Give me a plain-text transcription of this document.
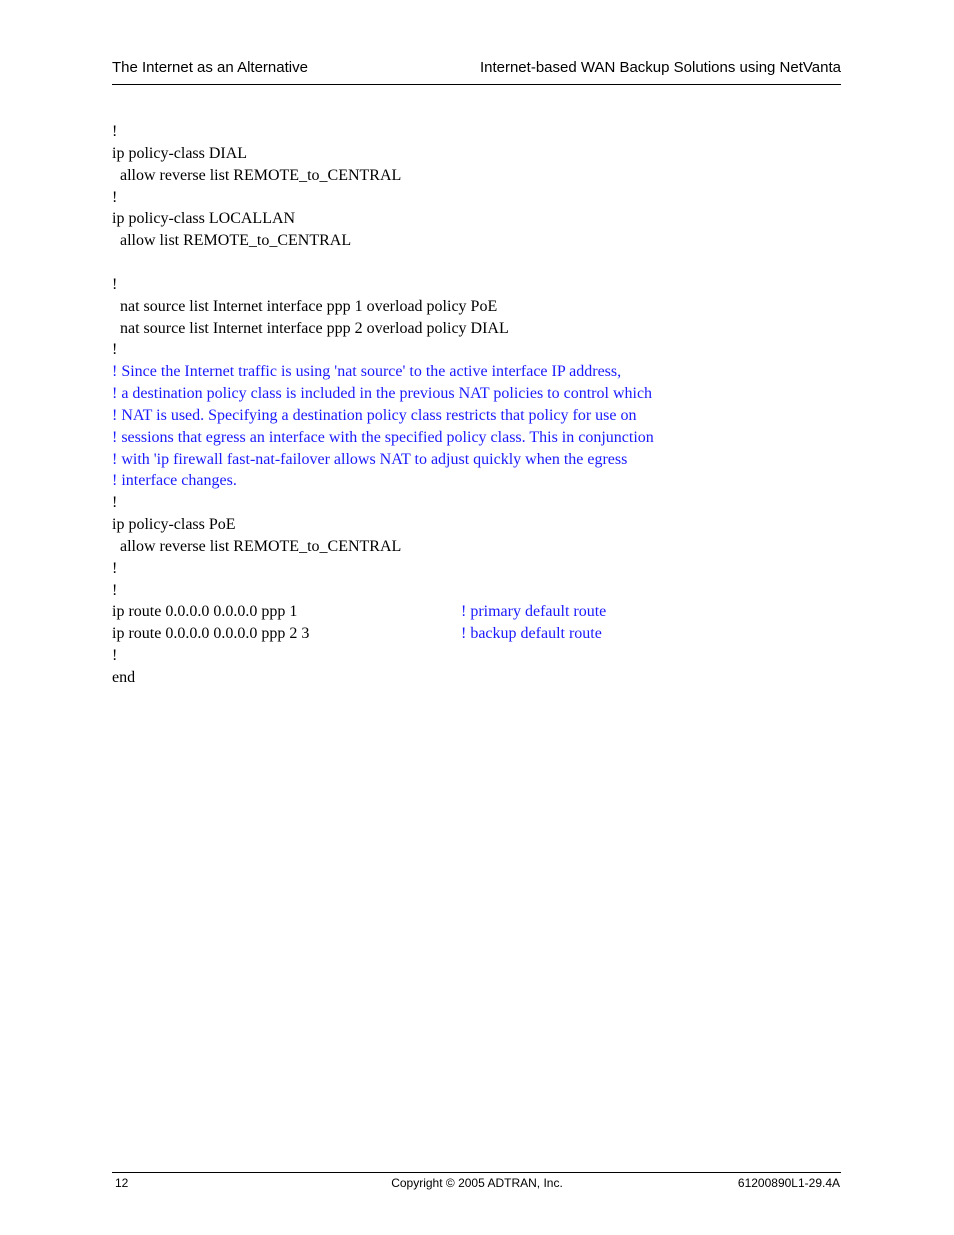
The Internet as an Alternative	Internet-based WAN Backup Solutions using NetVanta
!
ip policy-class DIAL
allow reverse list REMOTE_to_CENTRAL
!
ip policy-class LOCALLAN
allow list REMOTE_to_CENTRAL
!
nat source list Internet interface ppp 1 overload policy PoE
nat source list Internet interface ppp 2 overload policy DIAL
!
! Since the Internet traffic is using 'nat source' to the active interface IP address,
! a destination policy class is included in the previous NAT policies to control which
! NAT is used. Specifying a destination policy class restricts that policy for use on
! sessions that egress an interface with the specified policy class. This in conjunction
! with 'ip firewall fast-nat-failover allows NAT to adjust quickly when the egress
! interface changes.
!
ip policy-class PoE
allow reverse list REMOTE_to_CENTRAL
!
!
ip route 0.0.0.0 0.0.0.0 ppp 1	! primary default route
ip route 0.0.0.0 0.0.0.0 ppp 2 3	! backup default route
!
end
12	Copyright © 2005 ADTRAN, Inc.	61200890L1-29.4A
